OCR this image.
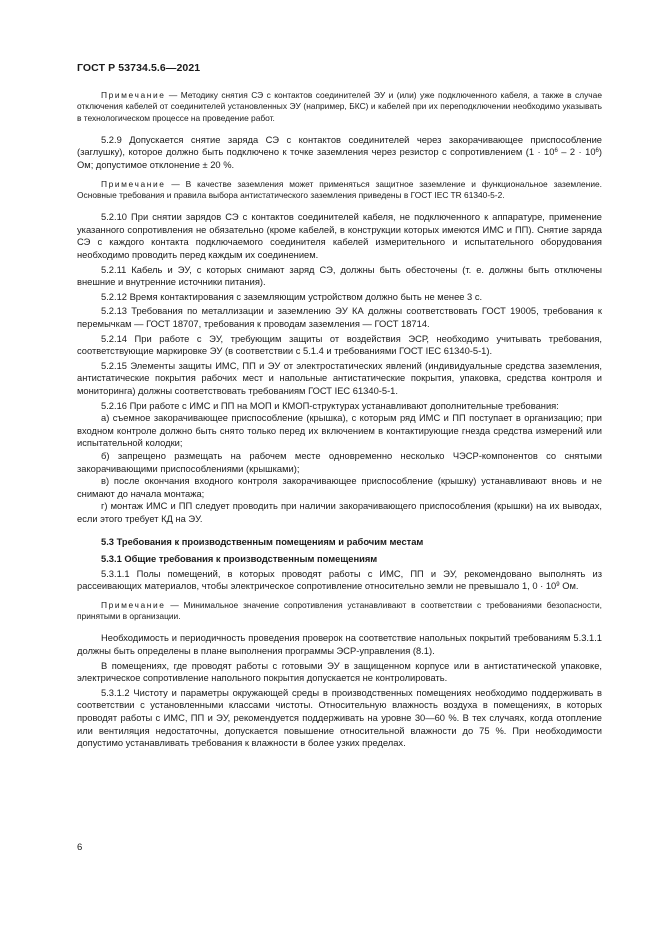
ГОСТ Р 53734.5.6—2021

Примечание — Методику снятия СЭ с контактов соединителей ЭУ и (или) уже подключенного кабеля, а также в случае отключения кабелей от соединителей установленных ЭУ (например, БКС) и кабелей при их переподключении необходимо указывать в технологическом процессе на проведение работ.

5.2.9 Допускается снятие заряда СЭ с контактов соединителей через закорачивающее приспособление (заглушку), которое должно быть подключено к точке заземления через резистор с сопротивлением $(1 \cdot 10^6 - 2 \cdot 10^6)$ Ом; допустимое отклонение ± 20 %.

Примечание — В качестве заземления может применяться защитное заземление и функциональное заземление. Основные требования и правила выбора антистатического заземления приведены в ГОСТ IEC TR 61340-5-2.

5.2.10 При снятии зарядов СЭ с контактов соединителей кабеля, не подключенного к аппаратуре, применение указанного сопротивления не обязательно (кроме кабелей, в конструкции которых имеются ИМС и ПП). Снятие заряда СЭ с каждого контакта подключаемого соединителя кабелей измерительного и испытательного оборудования необходимо проводить перед каждым их соединением.

5.2.11 Кабель и ЭУ, с которых снимают заряд СЭ, должны быть обесточены (т. е. должны быть отключены внешние и внутренние источники питания).

5.2.12 Время контактирования с заземляющим устройством должно быть не менее 3 с.

5.2.13 Требования по металлизации и заземлению ЭУ КА должны соответствовать ГОСТ 19005, требования к перемычкам — ГОСТ 18707, требования к проводам заземления — ГОСТ 18714.

5.2.14 При работе с ЭУ, требующим защиты от воздействия ЭСР, необходимо учитывать требования, соответствующие маркировке ЭУ (в соответствии с 5.1.4 и требованиями ГОСТ IEC 61340-5-1).

5.2.15 Элементы защиты ИМС, ПП и ЭУ от электростатических явлений (индивидуальные средства заземления, антистатические покрытия рабочих мест и напольные антистатические покрытия, упаковка, средства контроля и мониторинга) должны соответствовать требованиям ГОСТ IEC 61340-5-1.

5.2.16 При работе с ИМС и ПП на МОП и КМОП-структурах устанавливают дополнительные требования:

а) съемное закорачивающее приспособление (крышка), с которым ряд ИМС и ПП поступает в организацию; при входном контроле должно быть снято только перед их включением в контактирующие гнезда средства измерений или испытательной колодки;

б) запрещено размещать на рабочем месте одновременно несколько ЧЭСР-компонентов со снятыми закорачивающими приспособлениями (крышками);

в) после окончания входного контроля закорачивающее приспособление (крышку) устанавливают вновь и не снимают до начала монтажа;

г) монтаж ИМС и ПП следует проводить при наличии закорачивающего приспособления (крышки) на их выводах, если этого требует КД на ЭУ.

5.3 Требования к производственным помещениям и рабочим местам

5.3.1 Общие требования к производственным помещениям

5.3.1.1 Полы помещений, в которых проводят работы с ИМС, ПП и ЭУ, рекомендовано выполнять из рассеивающих материалов, чтобы электрическое сопротивление относительно земли не превышало 1, $0 \cdot 10^9$ Ом.

Примечание — Минимальное значение сопротивления устанавливают в соответствии с требованиями безопасности, принятыми в организации.

Необходимость и периодичность проведения проверок на соответствие напольных покрытий требованиям 5.3.1.1 должны быть определены в плане выполнения программы ЭСР-управления (8.1).

В помещениях, где проводят работы с готовыми ЭУ в защищенном корпусе или в антистатической упаковке, электрическое сопротивление напольного покрытия допускается не контролировать.

5.3.1.2 Чистоту и параметры окружающей среды в производственных помещениях необходимо поддерживать в соответствии с установленными классами чистоты. Относительную влажность воздуха в помещениях, в которых проводят работы с ИМС, ПП и ЭУ, рекомендуется поддерживать на уровне 30—60 %. В тех случаях, когда отопление или вентиляция недостаточны, допускается повышение относительной влажности до 75 %. При необходимости допустимо устанавливать требования к влажности в более узких пределах.

6
